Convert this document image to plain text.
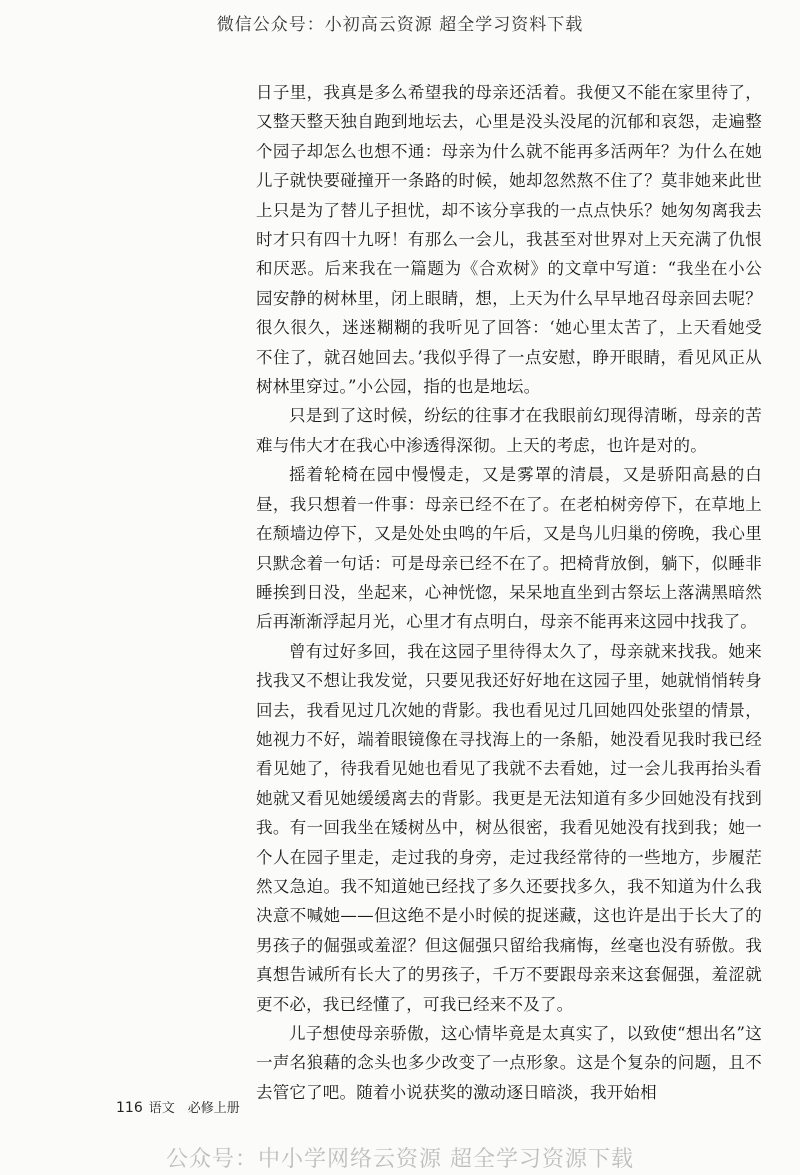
微信公众号：小初高云资源 超全学习资料下载

日子里，我真是多么希望我的母亲还活着。我便又不能在家里待了，又整天整天独自跑到地坛去，心里是没头没尾的沉郁和哀怨，走遍整个园子却怎么也想不通：母亲为什么就不能再多活两年？为什么在她儿子就快要碰撞开一条路的时候，她却忽然熬不住了？莫非她来此世上只是为了替儿子担忧，却不该分享我的一点点快乐？她匆匆离我去时才只有四十九呀！有那么一会儿，我甚至对世界对上天充满了仇恨和厌恶。后来我在一篇题为《合欢树》的文章中写道：“我坐在小公园安静的树林里，闭上眼睛，想，上天为什么早早地召母亲回去呢？很久很久，迷迷糊糊的我听见了回答：‘她心里太苦了，上天看她受不住了，就召她回去。’我似乎得了一点安慰，睁开眼睛，看见风正从树林里穿过。”小公园，指的也是地坛。

只是到了这时候，纷纭的往事才在我眼前幻现得清晰，母亲的苦难与伟大才在我心中渗透得深彻。上天的考虑，也许是对的。

摇着轮椅在园中慢慢走，又是雾罩的清晨，又是骄阳高悬的白昼，我只想着一件事：母亲已经不在了。在老柏树旁停下，在草地上在颓墙边停下，又是处处虫鸣的午后，又是鸟儿归巢的傍晚，我心里只默念着一句话：可是母亲已经不在了。把椅背放倒，躺下，似睡非睡挨到日没，坐起来，心神恍惚，呆呆地直坐到古祭坛上落满黑暗然后再渐渐浮起月光，心里才有点明白，母亲不能再来这园中找我了。

曾有过好多回，我在这园子里待得太久了，母亲就来找我。她来找我又不想让我发觉，只要见我还好好地在这园子里，她就悄悄转身回去，我看见过几次她的背影。我也看见过几回她四处张望的情景，她视力不好，端着眼镜像在寻找海上的一条船，她没看见我时我已经看见她了，待我看见她也看见了我就不去看她，过一会儿我再抬头看她就又看见她缓缓离去的背影。我更是无法知道有多少回她没有找到我。有一回我坐在矮树丛中，树丛很密，我看见她没有找到我；她一个人在园子里走，走过我的身旁，走过我经常待的一些地方，步履茫然又急迫。我不知道她已经找了多久还要找多久，我不知道为什么我决意不喊她——但这绝不是小时候的捉迷藏，这也许是出于长大了的男孩子的倔强或羞涩？但这倔强只留给我痛悔，丝毫也没有骄傲。我真想告诫所有长大了的男孩子，千万不要跟母亲来这套倔强，羞涩就更不必，我已经懂了，可我已经来不及了。

儿子想使母亲骄傲，这心情毕竟是太真实了，以致使“想出名”这一声名狼藉的念头也多少改变了一点形象。这是个复杂的问题，且不去管它了吧。随着小说获奖的激动逐日暗淡，我开始相

116 语文　必修上册
公众号：中小学网络云资源 超全学习资源下载
